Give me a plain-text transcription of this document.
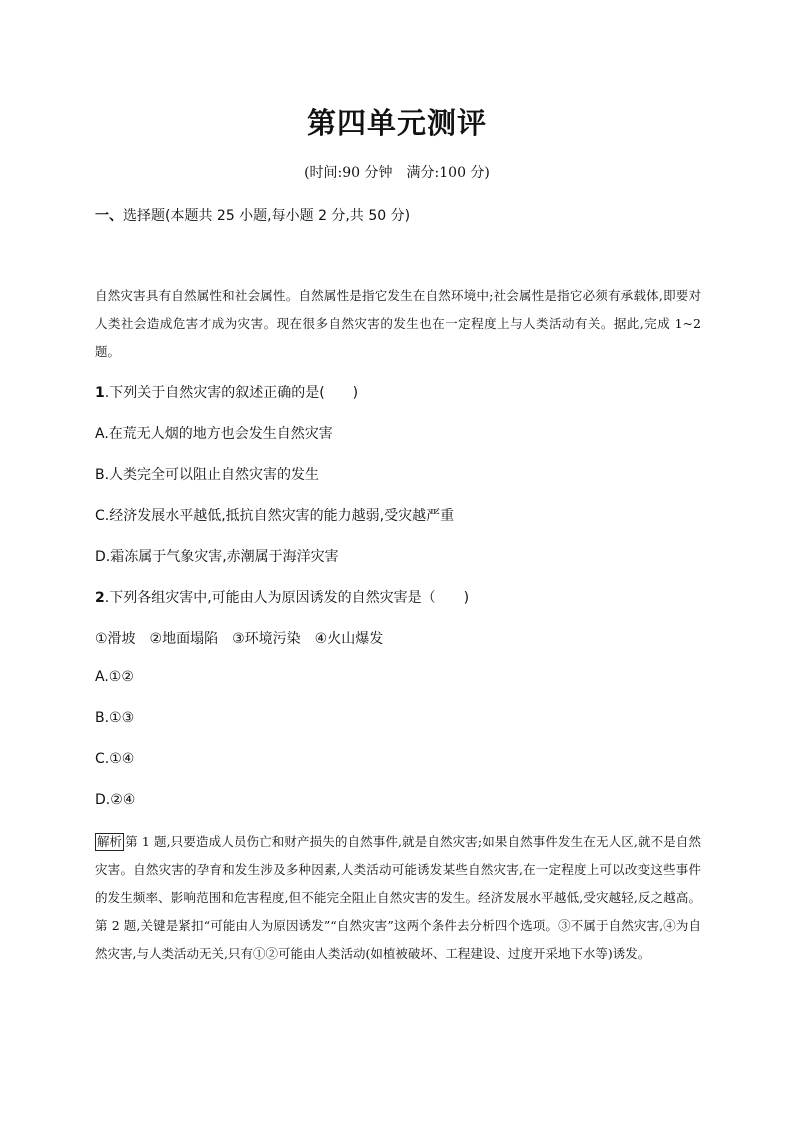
第四单元测评
(时间:90 分钟　满分:100 分)
一、选择题(本题共 25 小题,每小题 2 分,共 50 分)
自然灾害具有自然属性和社会属性。自然属性是指它发生在自然环境中;社会属性是指它必须有承载体,即要对人类社会造成危害才成为灾害。现在很多自然灾害的发生也在一定程度上与人类活动有关。据此,完成 1~2 题。
1.下列关于自然灾害的叙述正确的是(　　)
A.在荒无人烟的地方也会发生自然灾害
B.人类完全可以阻止自然灾害的发生
C.经济发展水平越低,抵抗自然灾害的能力越弱,受灾越严重
D.霜冻属于气象灾害,赤潮属于海洋灾害
2.下列各组灾害中,可能由人为原因诱发的自然灾害是（　　)
①滑坡　②地面塌陷　③环境污染　④火山爆发
A.①②
B.①③
C.①④
D.②④
解析 第 1 题,只要造成人员伤亡和财产损失的自然事件,就是自然灾害;如果自然事件发生在无人区,就不是自然灾害。自然灾害的孕育和发生涉及多种因素,人类活动可能诱发某些自然灾害,在一定程度上可以改变这些事件的发生频率、影响范围和危害程度,但不能完全阻止自然灾害的发生。经济发展水平越低,受灾越轻,反之越高。第 2 题,关键是紧扣“可能由人为原因诱发”“自然灾害”这两个条件去分析四个选项。③不属于自然灾害,④为自然灾害,与人类活动无关,只有①②可能由人类活动(如植被破坏、工程建设、过度开采地下水等)诱发。
